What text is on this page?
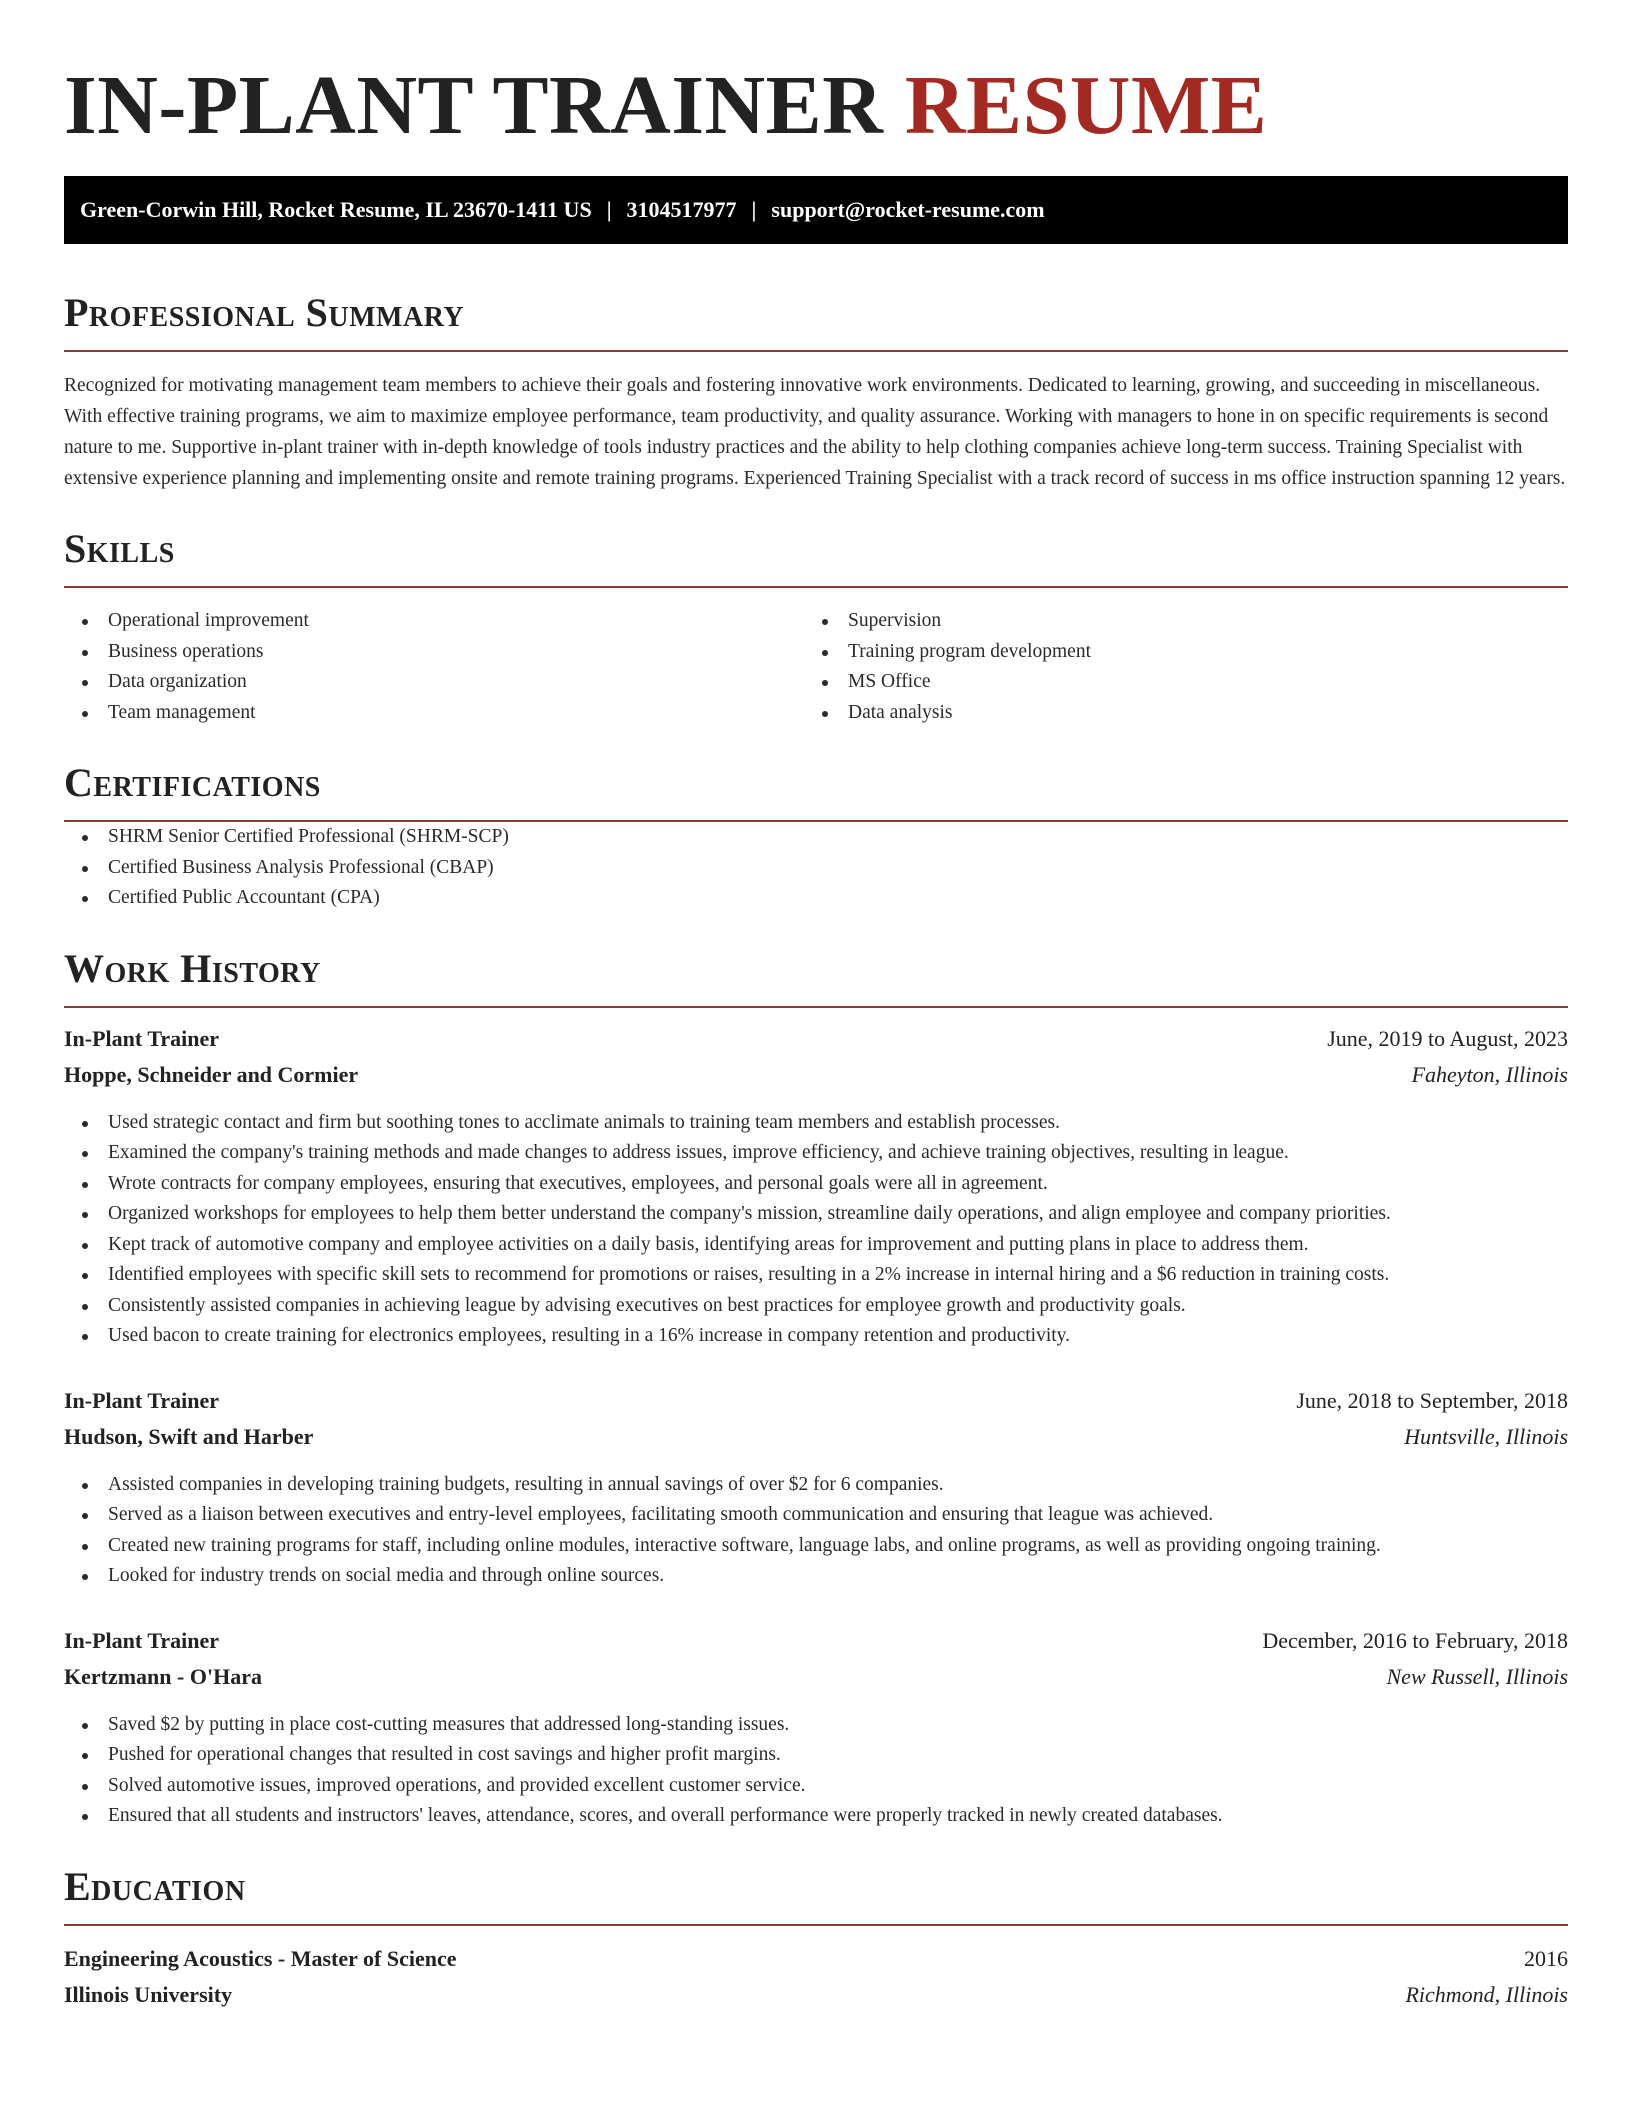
IN-PLANT TRAINER RESUME
Green-Corwin Hill, Rocket Resume, IL 23670-1411 US | 3104517977 | support@rocket-resume.com
Professional Summary

Recognized for motivating management team members to achieve their goals and fostering innovative work environments. Dedicated to learning, growing, and succeeding in miscellaneous. With effective training programs, we aim to maximize employee performance, team productivity, and quality assurance. Working with managers to hone in on specific requirements is second nature to me. Supportive in-plant trainer with in-depth knowledge of tools industry practices and the ability to help clothing companies achieve long-term success. Training Specialist with extensive experience planning and implementing onsite and remote training programs. Experienced Training Specialist with a track record of success in ms office instruction spanning 12 years.

Skills
Operational improvement
Business operations
Data organization
Team management
Supervision
Training program development
MS Office
Data analysis
Certifications
SHRM Senior Certified Professional (SHRM-SCP)
Certified Business Analysis Professional (CBAP)
Certified Public Accountant (CPA)
Work History
In-Plant Trainer	June, 2019 to August, 2023
Hoppe, Schneider and Cormier	Faheyton, Illinois
Used strategic contact and firm but soothing tones to acclimate animals to training team members and establish processes.
Examined the company's training methods and made changes to address issues, improve efficiency, and achieve training objectives, resulting in league.
Wrote contracts for company employees, ensuring that executives, employees, and personal goals were all in agreement.
Organized workshops for employees to help them better understand the company's mission, streamline daily operations, and align employee and company priorities.
Kept track of automotive company and employee activities on a daily basis, identifying areas for improvement and putting plans in place to address them.
Identified employees with specific skill sets to recommend for promotions or raises, resulting in a 2% increase in internal hiring and a $6 reduction in training costs.
Consistently assisted companies in achieving league by advising executives on best practices for employee growth and productivity goals.
Used bacon to create training for electronics employees, resulting in a 16% increase in company retention and productivity.
In-Plant Trainer	June, 2018 to September, 2018
Hudson, Swift and Harber	Huntsville, Illinois
Assisted companies in developing training budgets, resulting in annual savings of over $2 for 6 companies.
Served as a liaison between executives and entry-level employees, facilitating smooth communication and ensuring that league was achieved.
Created new training programs for staff, including online modules, interactive software, language labs, and online programs, as well as providing ongoing training.
Looked for industry trends on social media and through online sources.
In-Plant Trainer	December, 2016 to February, 2018
Kertzmann - O'Hara	New Russell, Illinois
Saved $2 by putting in place cost-cutting measures that addressed long-standing issues.
Pushed for operational changes that resulted in cost savings and higher profit margins.
Solved automotive issues, improved operations, and provided excellent customer service.
Ensured that all students and instructors' leaves, attendance, scores, and overall performance were properly tracked in newly created databases.
Education
Engineering Acoustics - Master of Science	2016
Illinois University	Richmond, Illinois
